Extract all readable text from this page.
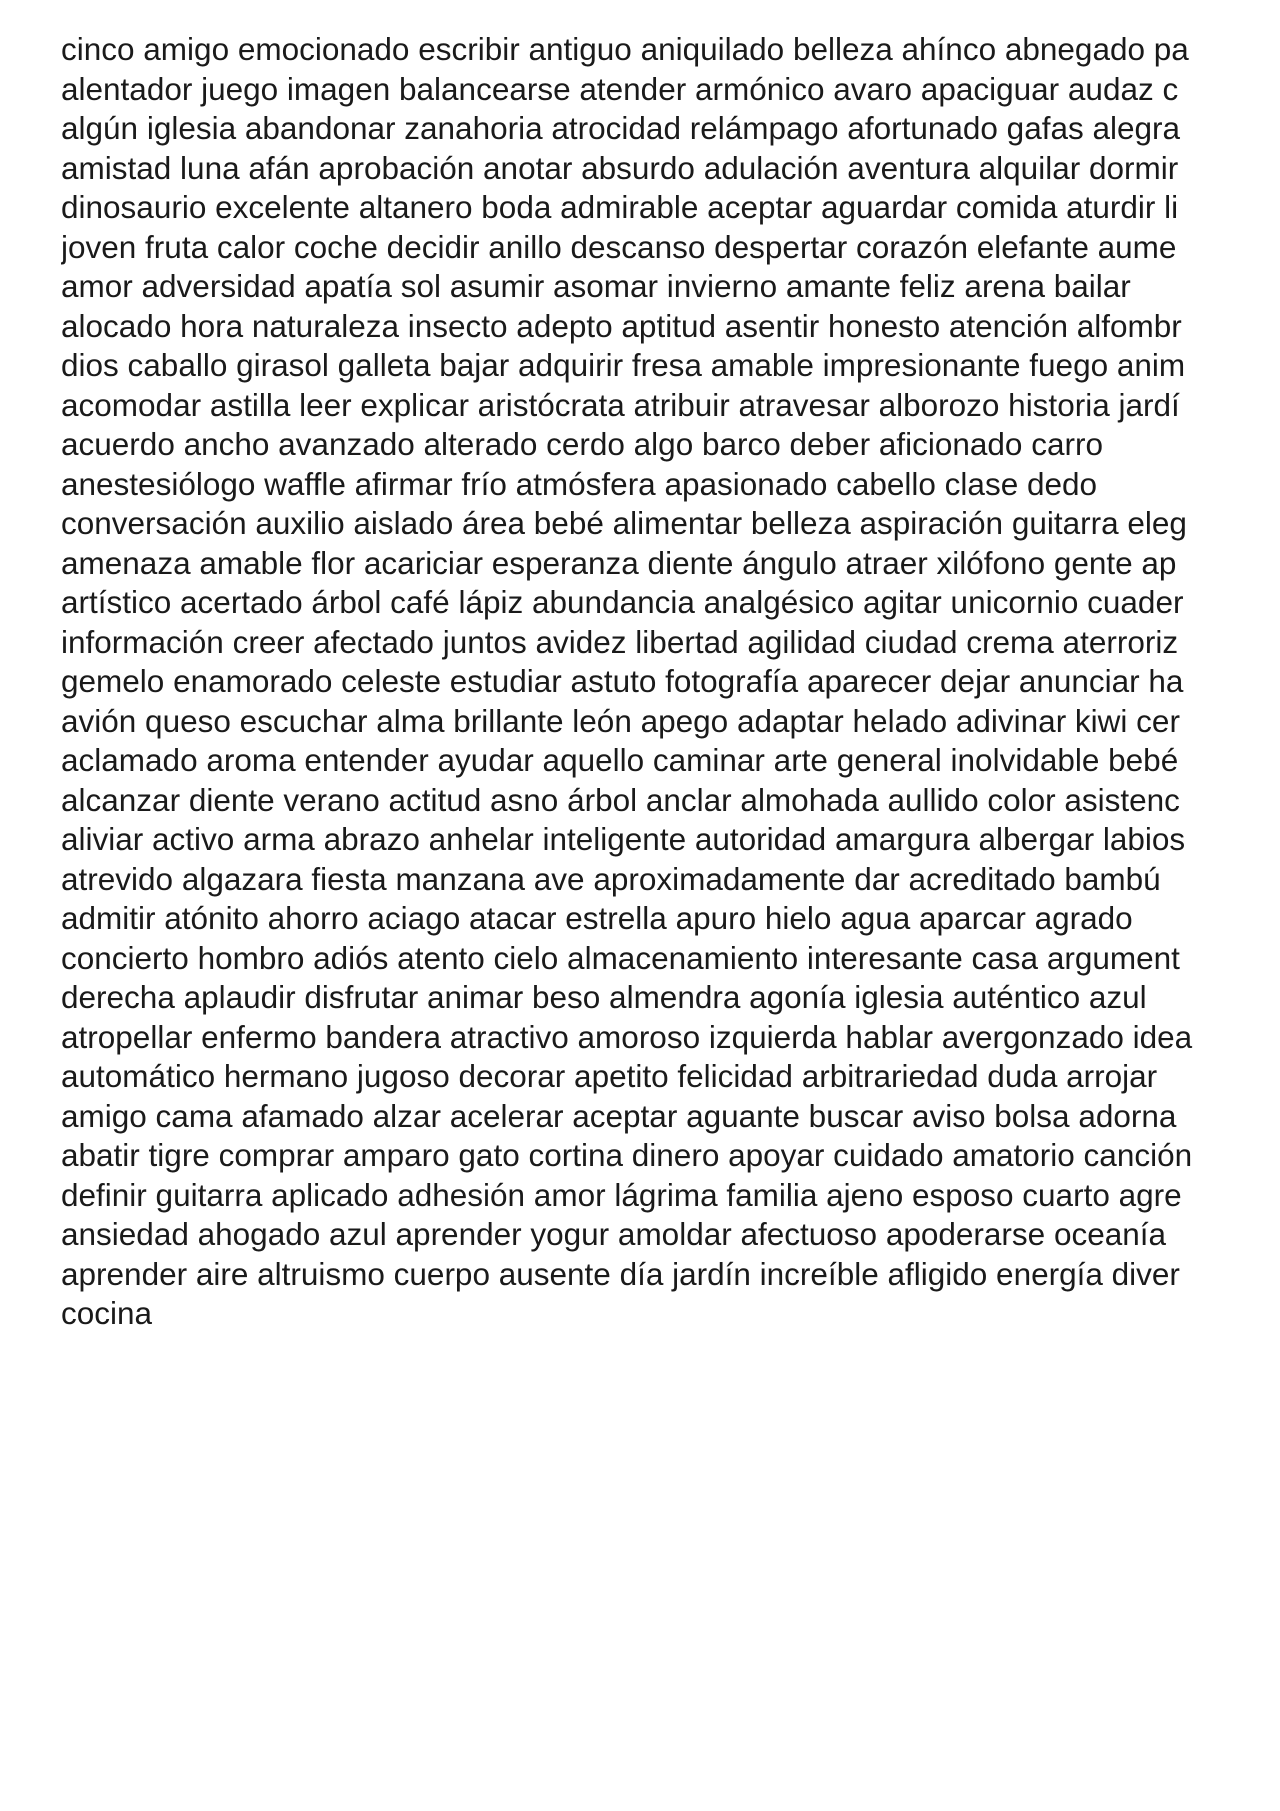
cinco amigo emocionado escribir antiguo aniquilado belleza ahínco abnegado pa
alentador juego imagen balancearse atender armónico avaro apaciguar audaz c
algún iglesia abandonar zanahoria atrocidad relámpago afortunado gafas alegra
amistad luna afán aprobación anotar absurdo adulación aventura alquilar dormir
dinosaurio excelente altanero boda admirable aceptar aguardar comida aturdir li
joven fruta calor coche decidir anillo descanso despertar corazón elefante aume
amor adversidad apatía sol asumir asomar invierno amante feliz arena bailar
alocado hora naturaleza insecto adepto aptitud asentir honesto atención alfombr
dios caballo girasol galleta bajar adquirir fresa amable impresionante fuego anim
acomodar astilla leer explicar aristócrata atribuir atravesar alborozo historia jardí
acuerdo ancho avanzado alterado cerdo algo barco deber aficionado carro
anestesiólogo waffle afirmar frío atmósfera apasionado cabello clase dedo
conversación auxilio aislado área bebé alimentar belleza aspiración guitarra eleg
amenaza amable flor acariciar esperanza diente ángulo atraer xilófono gente ap
artístico acertado árbol café lápiz abundancia analgésico agitar unicornio cuader
información creer afectado juntos avidez libertad agilidad ciudad crema aterroriz
gemelo enamorado celeste estudiar astuto fotografía aparecer dejar anunciar ha
avión queso escuchar alma brillante león apego adaptar helado adivinar kiwi cer
aclamado aroma entender ayudar aquello caminar arte general inolvidable bebé
alcanzar diente verano actitud asno árbol anclar almohada aullido color asistenc
aliviar activo arma abrazo anhelar inteligente autoridad amargura albergar labios
atrevido algazara fiesta manzana ave aproximadamente dar acreditado bambú
admitir atónito ahorro aciago atacar estrella apuro hielo agua aparcar agrado
concierto hombro adiós atento cielo almacenamiento interesante casa argument
derecha aplaudir disfrutar animar beso almendra agonía iglesia auténtico azul
atropellar enfermo bandera atractivo amoroso izquierda hablar avergonzado idea
automático hermano jugoso decorar apetito felicidad arbitrariedad duda arrojar
amigo cama afamado alzar acelerar aceptar aguante buscar aviso bolsa adorna
abatir tigre comprar amparo gato cortina dinero apoyar cuidado amatorio canción
definir guitarra aplicado adhesión amor lágrima familia ajeno esposo cuarto agre
ansiedad ahogado azul aprender yogur amoldar afectuoso apoderarse oceanía
aprender aire altruismo cuerpo ausente día jardín increíble afligido energía diver
cocina
